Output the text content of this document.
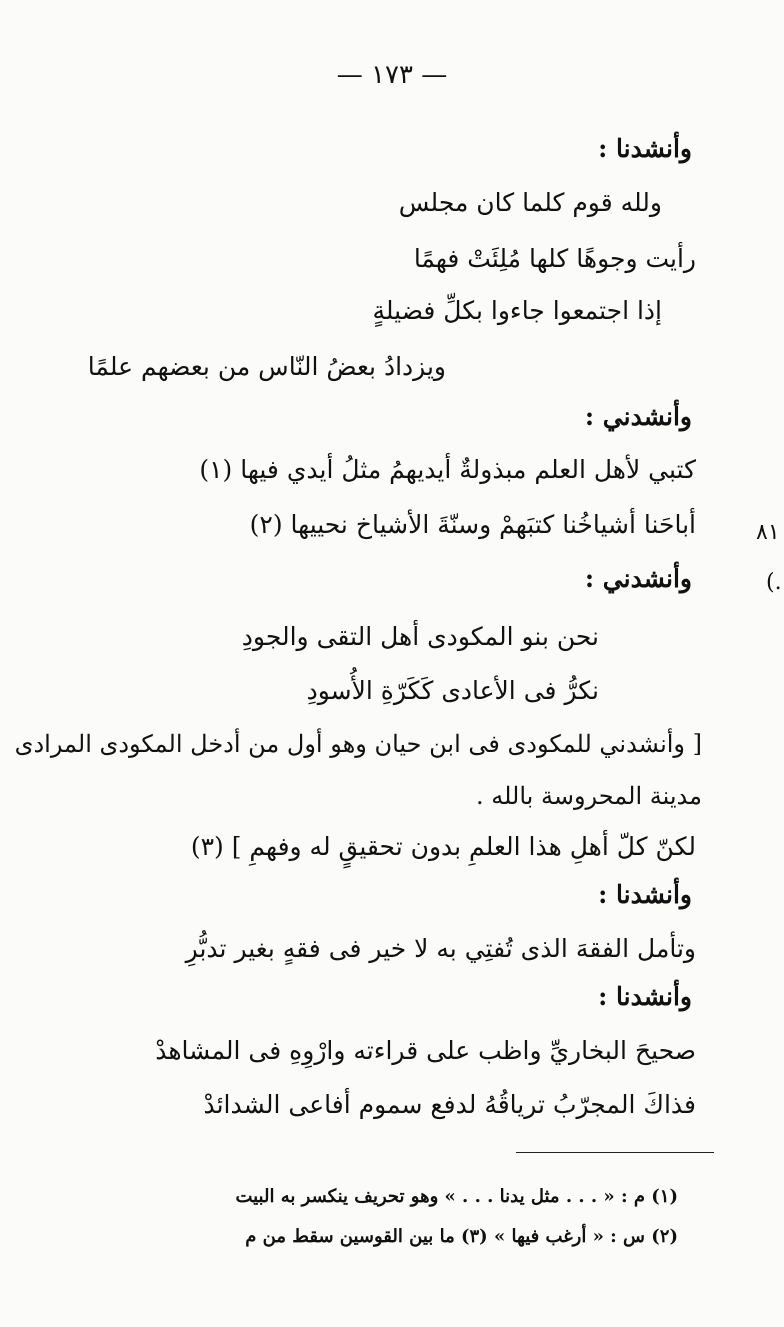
— ١٧٣ —
وأنشدنا :
ولله قوم كلما كان مجلس
رأيت وجوهًا كلها مُلِئَتْ فهمًا
إذا اجتمعوا جاءوا بكلِّ فضيلةٍ
ويزدادُ بعضُ النّاس من بعضهم علمًا
وأنشدني :
كتبي لأهل العلم مبذولةٌ أيديهمُ مثلُ أيدي فيها (١)
أباحَنا أشياخُنا كتبَهمْ وسنّةَ الأشياخ نحييها (٢)
وأنشدني :
نحن بنو المكودى أهل التقى والجودِ
نكرُّ فى الأعادى كَكَرّةِ الأُسودِ
[ وأنشدني للمكودى فى ابن حيان وهو أول من أدخل المكودى المرادى
مدينة المحروسة بالله .
لكنّ كلّ أهلِ هذا العلمِ بدون تحقيقٍ له وفهمِ ] (٣)
وأنشدنا :
وتأمل الفقهَ الذى تُفتِي به لا خير فى فقهٍ بغير تدبُّرِ
وأنشدنا :
صحيحَ البخاريِّ واظب على قراءته وارْوِهِ فى المشاهدْ
فذاكَ المجرّبُ ترياقُهُ لدفع سموم أفاعى الشدائدْ
٨١
(.
(١) م : « . . . مثل يدنا . . . » وهو تحريف ينكسر به البيت
(٢) س : « أرغب فيها » (٣) ما بين القوسين سقط من م
